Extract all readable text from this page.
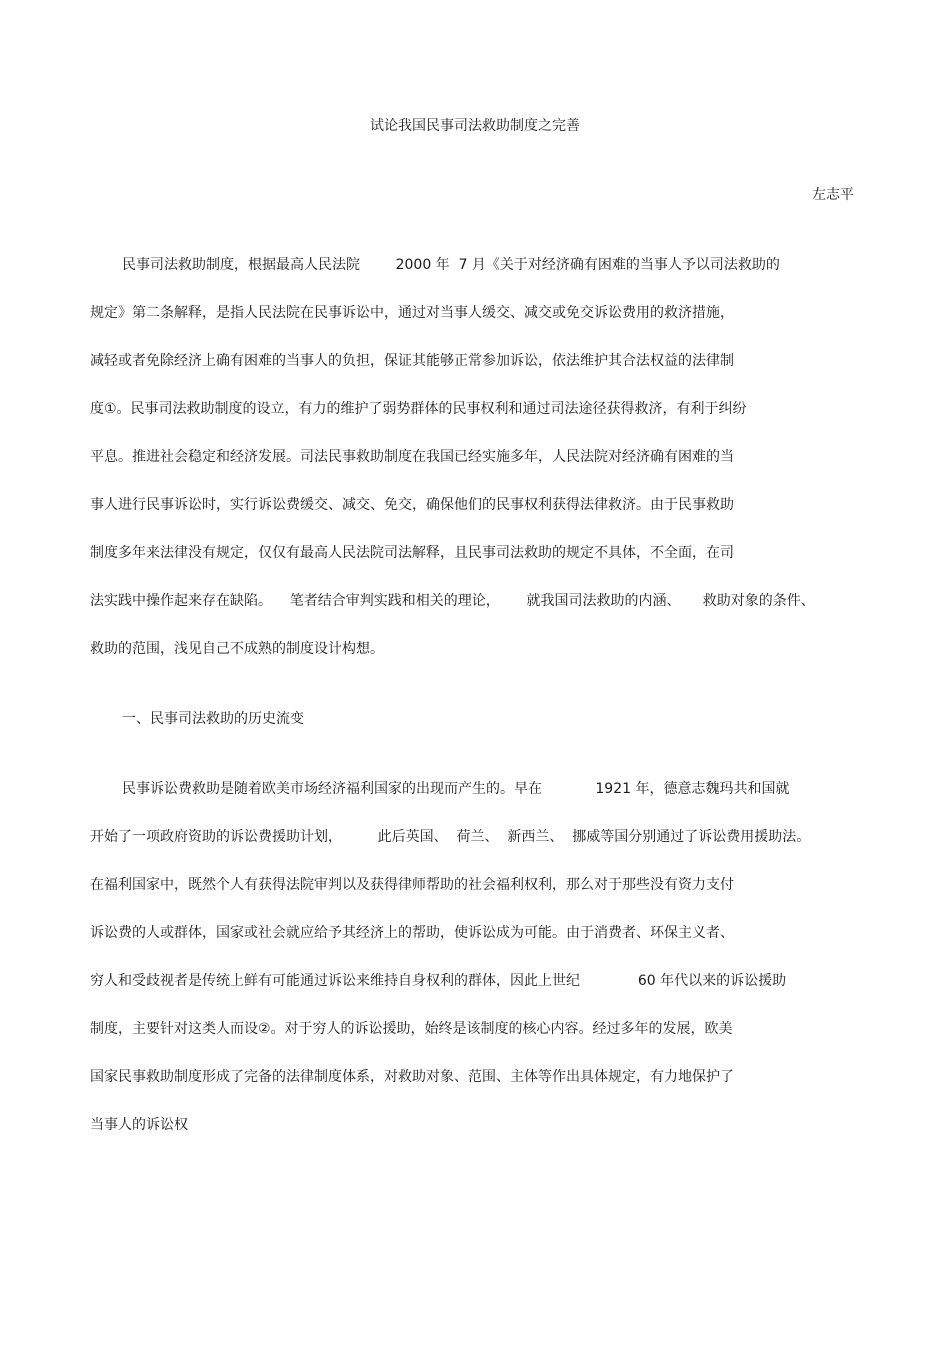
试论我国民事司法救助制度之完善
左志平
民事司法救助制度，根据最高人民法院        2000 年  7 月《关于对经济确有困难的当事人予以司法救助的
规定》第二条解释，是指人民法院在民事诉讼中，通过对当事人缓交、减交或免交诉讼费用的救济措施，
减轻或者免除经济上确有困难的当事人的负担，保证其能够正常参加诉讼，依法维护其合法权益的法律制
度①。民事司法救助制度的设立，有力的维护了弱势群体的民事权利和通过司法途径获得救济，有利于纠纷
平息。推进社会稳定和经济发展。司法民事救助制度在我国已经实施多年，人民法院对经济确有困难的当
事人进行民事诉讼时，实行诉讼费缓交、减交、免交，确保他们的民事权利获得法律救济。由于民事救助
制度多年来法律没有规定，仅仅有最高人民法院司法解释，且民事司法救助的规定不具体，不全面，在司
法实践中操作起来存在缺陷。    笔者结合审判实践和相关的理论，      就我国司法救助的内涵、     救助对象的条件、
救助的范围，浅见自己不成熟的制度设计构想。
一、民事司法救助的历史流变
民事诉讼费救助是随着欧美市场经济福利国家的出现而产生的。早在            1921 年，德意志魏玛共和国就
开始了一项政府资助的诉讼费援助计划，        此后英国、  荷兰、  新西兰、  挪威等国分别通过了诉讼费用援助法。
在福利国家中，既然个人有获得法院审判以及获得律师帮助的社会福利权利，那么对于那些没有资力支付
诉讼费的人或群体，国家或社会就应给予其经济上的帮助，使诉讼成为可能。由于消费者、环保主义者、
穷人和受歧视者是传统上鲜有可能通过诉讼来维持自身权利的群体，因此上世纪             60 年代以来的诉讼援助
制度，主要针对这类人而设②。对于穷人的诉讼援助，始终是该制度的核心内容。经过多年的发展，欧美
国家民事救助制度形成了完备的法律制度体系，对救助对象、范围、主体等作出具体规定，有力地保护了
当事人的诉讼权
